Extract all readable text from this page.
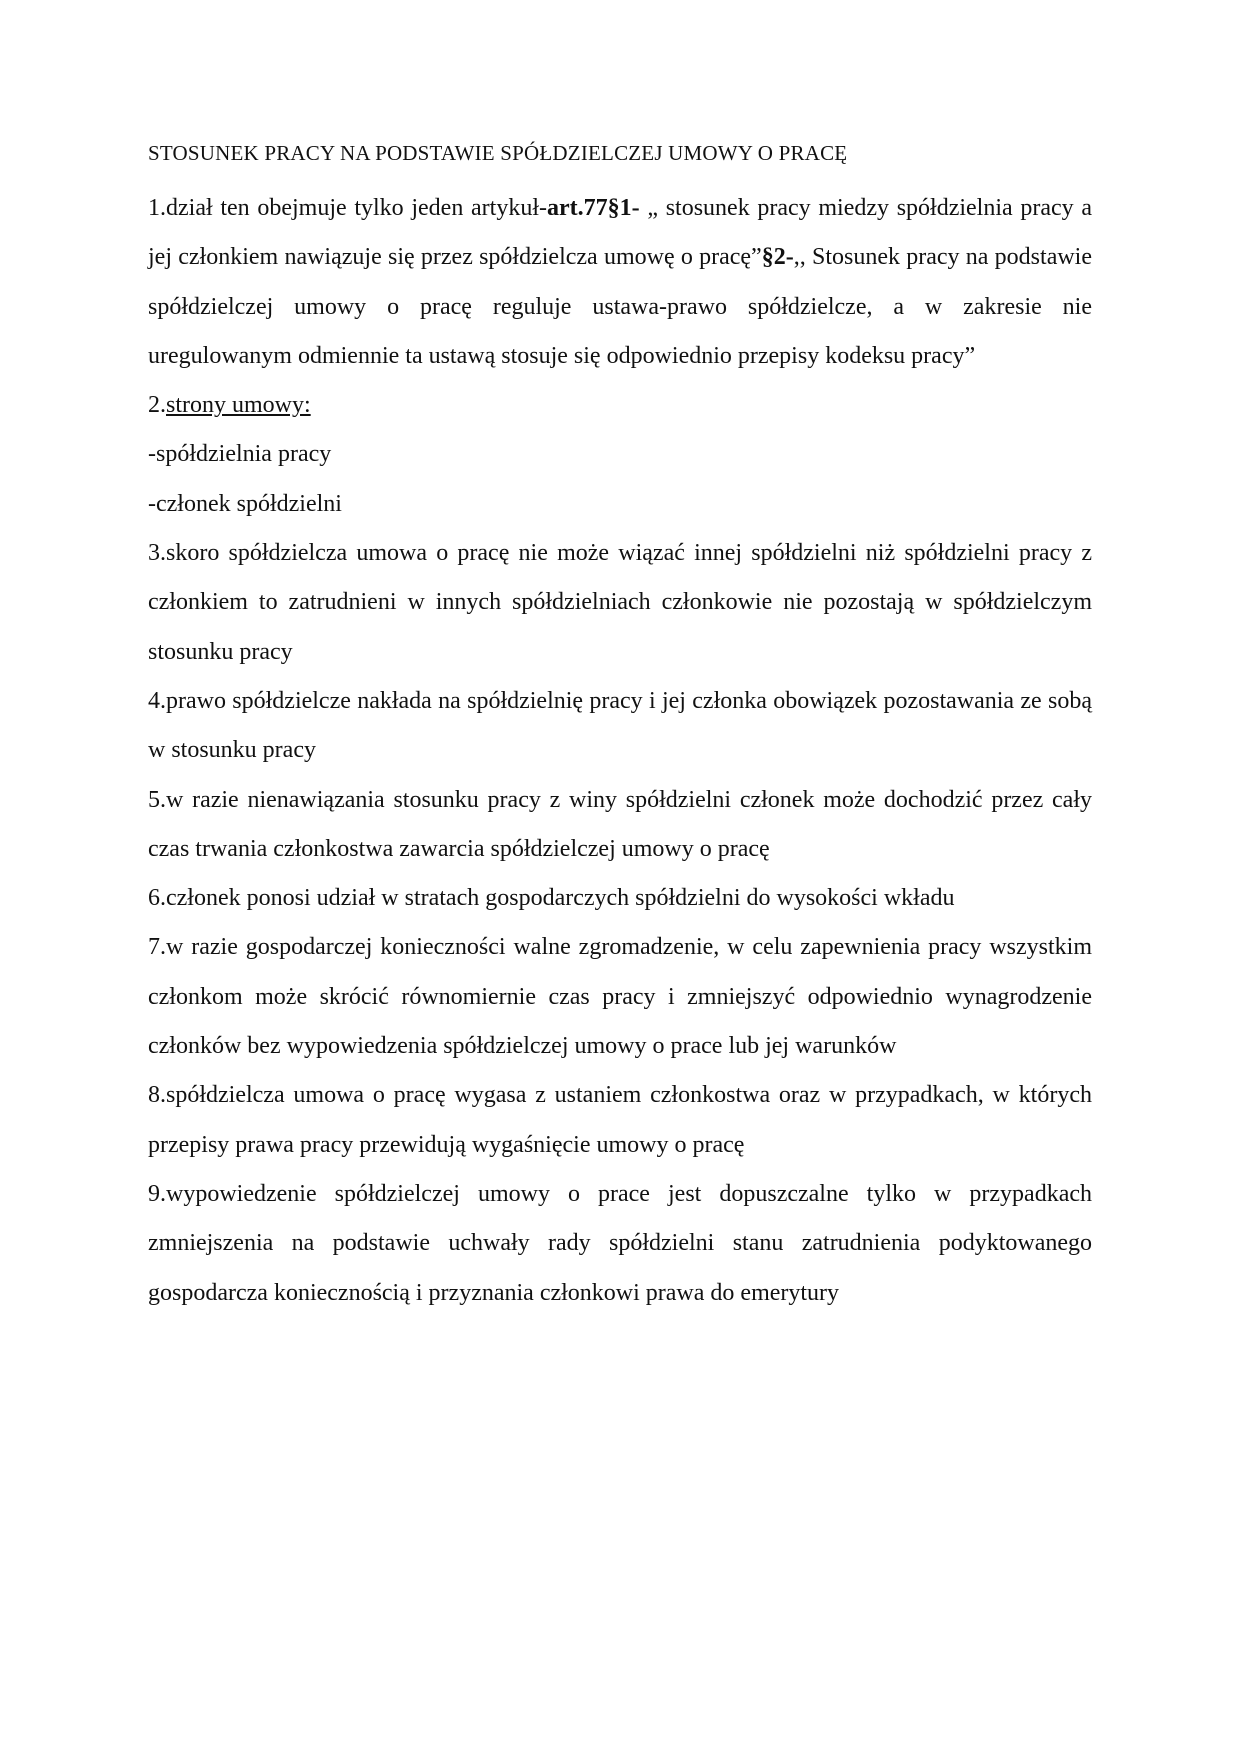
STOSUNEK PRACY NA PODSTAWIE SPÓŁDZIELCZEJ UMOWY O PRACĘ

1.dział ten obejmuje tylko jeden artykuł-art.77§1- „ stosunek pracy miedzy spółdzielnia pracy a jej członkiem nawiązuje się przez spółdzielcza umowę o pracę”§2-,, Stosunek pracy na podstawie spółdzielczej umowy o pracę reguluje ustawa-prawo spółdzielcze, a w zakresie nie uregulowanym odmiennie ta ustawą stosuje się odpowiednio przepisy kodeksu pracy”

2.strony umowy:

-spółdzielnia pracy

-członek spółdzielni

3.skoro spółdzielcza umowa o pracę nie może wiązać innej spółdzielni niż spółdzielni pracy z członkiem to zatrudnieni w innych spółdzielniach członkowie nie pozostają w spółdzielczym stosunku pracy

4.prawo spółdzielcze nakłada na spółdzielnię pracy i jej członka obowiązek pozostawania ze sobą w stosunku pracy

5.w razie nienawiązania stosunku pracy z winy spółdzielni członek może dochodzić przez cały czas trwania członkostwa zawarcia spółdzielczej umowy o pracę

6.członek ponosi udział w stratach gospodarczych spółdzielni do wysokości wkładu

7.w razie gospodarczej konieczności walne zgromadzenie, w celu zapewnienia pracy wszystkim członkom może skrócić równomiernie czas pracy i zmniejszyć odpowiednio wynagrodzenie członków bez wypowiedzenia spółdzielczej umowy o prace lub jej warunków

8.spółdzielcza umowa o pracę wygasa z ustaniem członkostwa oraz w przypadkach, w których przepisy prawa pracy przewidują wygaśnięcie umowy o pracę

9.wypowiedzenie spółdzielczej umowy o prace jest dopuszczalne tylko w przypadkach zmniejszenia na podstawie uchwały rady spółdzielni stanu zatrudnienia podyktowanego gospodarcza koniecznością i przyznania członkowi prawa do emerytury
